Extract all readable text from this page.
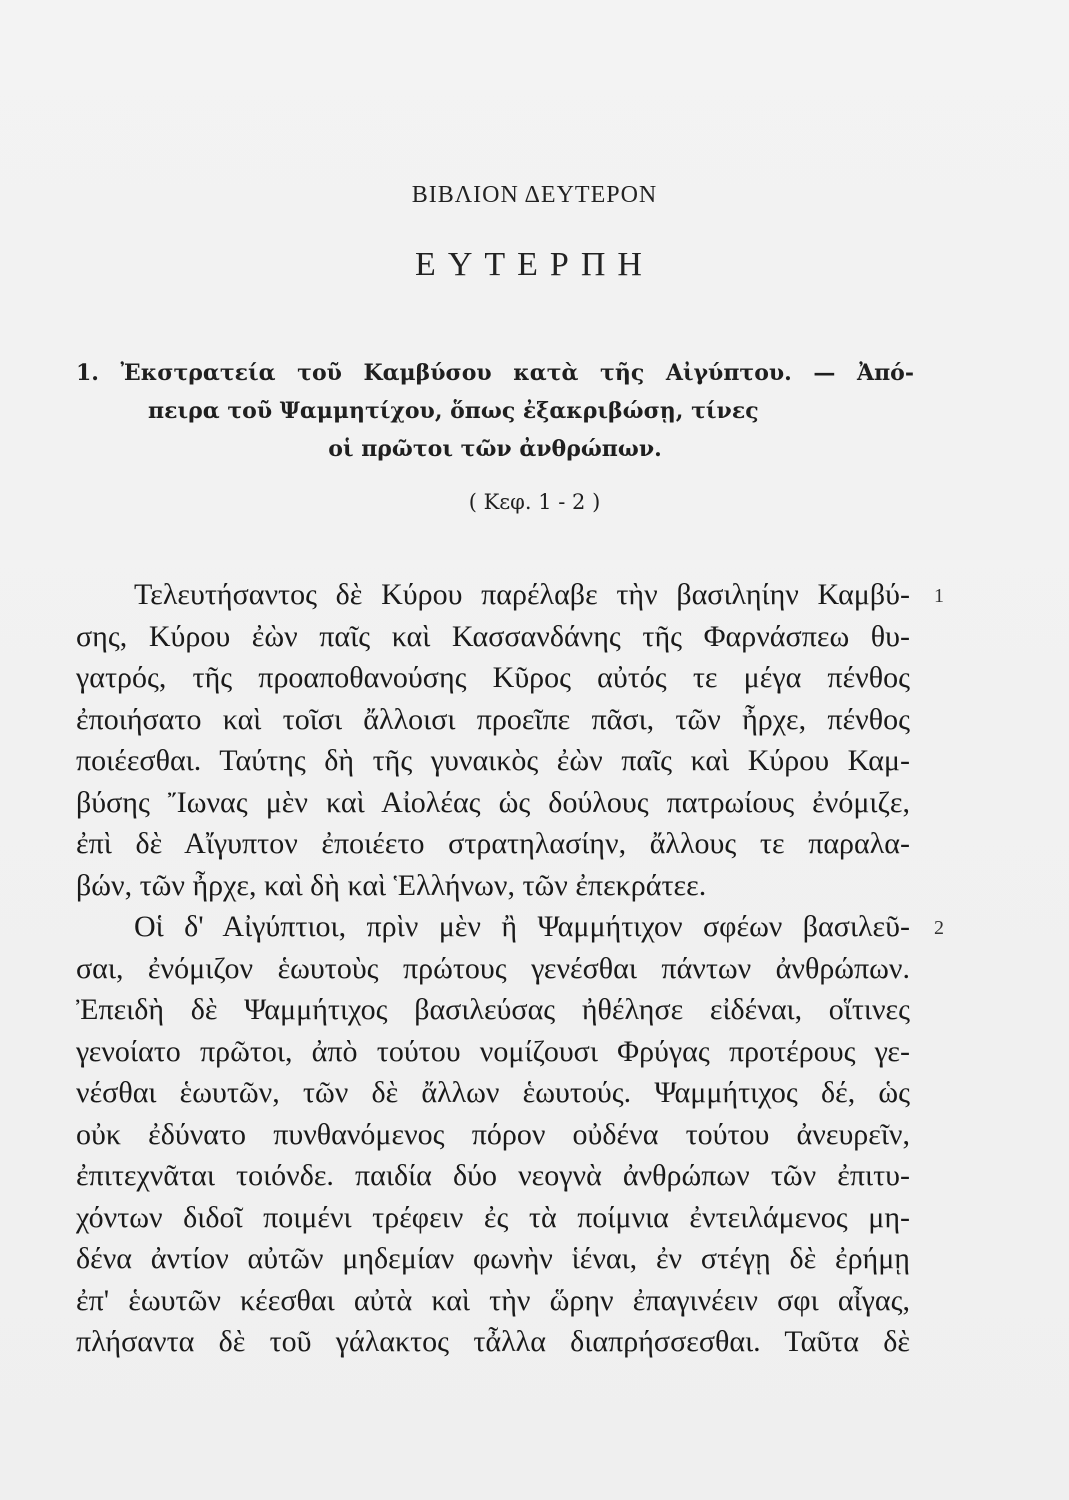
ΒΙΒΛΙΟΝ ΔΕΥΤΕΡΟΝ
ΕΥΤΕΡΠΗ
1. Ἐκστρατεία τοῦ Καμβύσου κατὰ τῆς Αἰγύπτου. — Ἀπό-
πειρα τοῦ Ψαμμητίχου, ὅπως ἐξακριβώσῃ, τίνες
οἱ πρῶτοι τῶν ἀνθρώπων.
( Κεφ. 1 - 2 )
Τελευτήσαντος δὲ Κύρου παρέλαβε τὴν βασιληίην Καμβύ-
σης, Κύρου ἐὼν παῖς καὶ Κασσανδάνης τῆς Φαρνάσπεω θυ-
γατρός, τῆς προαποθανούσης Κῦρος αὐτός τε μέγα πένθος
ἐποιήσατο καὶ τοῖσι ἄλλοισι προεῖπε πᾶσι, τῶν ἦρχε, πένθος
ποιέεσθαι. Ταύτης δὴ τῆς γυναικὸς ἐὼν παῖς καὶ Κύρου Καμ-
βύσης Ἴωνας μὲν καὶ Αἰολέας ὡς δούλους πατρωίους ἐνόμιζε,
ἐπὶ δὲ Αἴγυπτον ἐποιέετο στρατηλασίην, ἄλλους τε παραλα-
βών, τῶν ἦρχε, καὶ δὴ καὶ Ἑλλήνων, τῶν ἐπεκράτεε.
Οἱ δ' Αἰγύπτιοι, πρὶν μὲν ἢ Ψαμμήτιχον σφέων βασιλεῦ-
σαι, ἐνόμιζον ἑωυτοὺς πρώτους γενέσθαι πάντων ἀνθρώπων.
Ἐπειδὴ δὲ Ψαμμήτιχος βασιλεύσας ἠθέλησε εἰδέναι, οἵτινες
γενοίατο πρῶτοι, ἀπὸ τούτου νομίζουσι Φρύγας προτέρους γε-
νέσθαι ἑωυτῶν, τῶν δὲ ἄλλων ἑωυτούς. Ψαμμήτιχος δέ, ὡς
οὐκ ἐδύνατο πυνθανόμενος πόρον οὐδένα τούτου ἀνευρεῖν,
ἐπιτεχνᾶται τοιόνδε. παιδία δύο νεογνὰ ἀνθρώπων τῶν ἐπιτυ-
χόντων διδοῖ ποιμένι τρέφειν ἐς τὰ ποίμνια ἐντειλάμενος μη-
δένα ἀντίον αὐτῶν μηδεμίαν φωνὴν ἱέναι, ἐν στέγῃ δὲ ἐρήμῃ
ἐπ' ἑωυτῶν κέεσθαι αὐτὰ καὶ τὴν ὥρην ἐπαγινέειν σφι αἶγας,
πλήσαντα δὲ τοῦ γάλακτος τἆλλα διαπρήσσεσθαι. Ταῦτα δὲ
1
2
